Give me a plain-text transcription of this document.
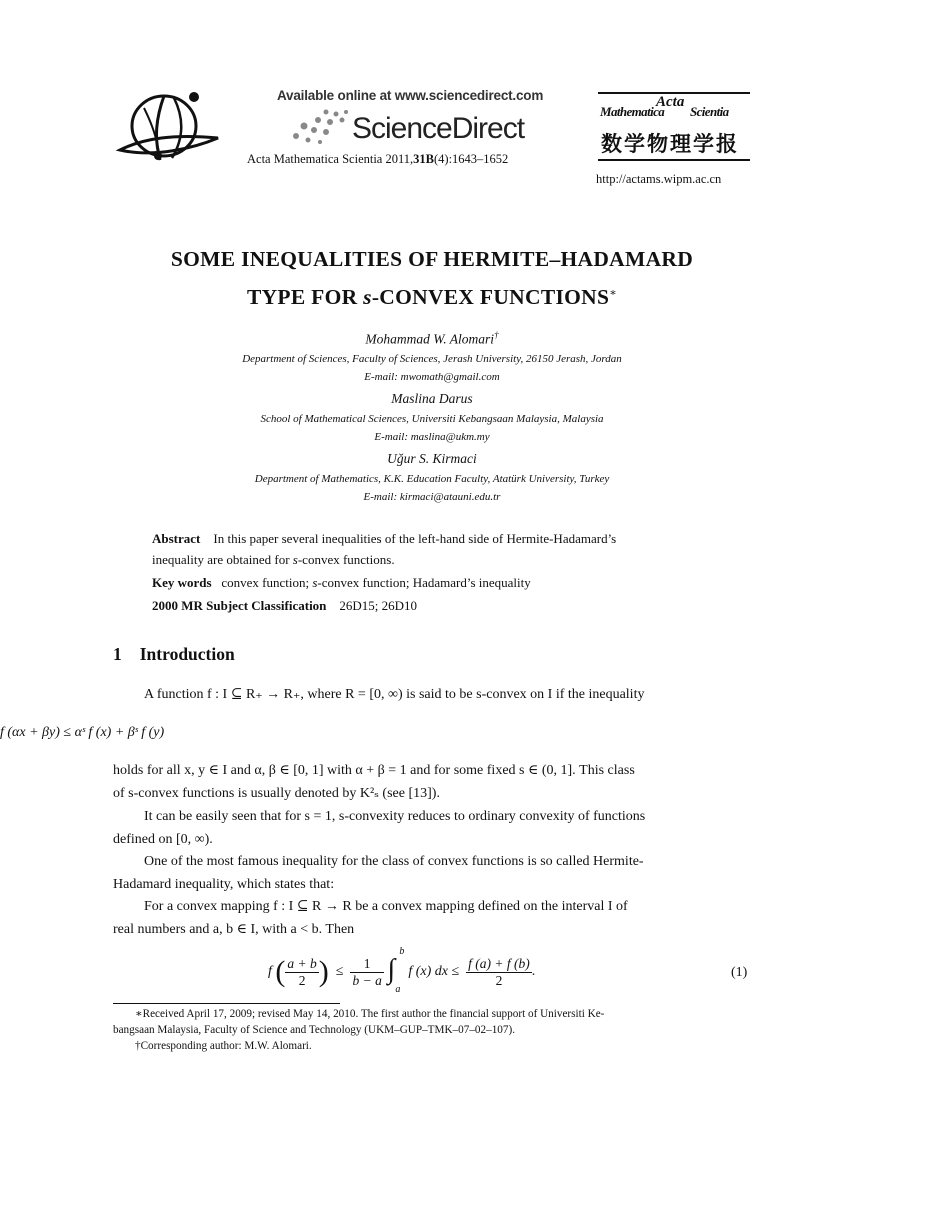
Available online at www.sciencedirect.com
ScienceDirect
Acta Mathematica Scientia 2011,31B(4):1643–1652
Acta
Mathematica Scientia
数学物理学报
http://actams.wipm.ac.cn
SOME INEQUALITIES OF HERMITE–HADAMARD
TYPE FOR s-CONVEX FUNCTIONS∗
Mohammad W. Alomari†
Department of Sciences, Faculty of Sciences, Jerash University, 26150 Jerash, Jordan
E-mail: mwomath@gmail.com
Maslina Darus
School of Mathematical Sciences, Universiti Kebangsaan Malaysia, Malaysia
E-mail: maslina@ukm.my
Uğur S. Kirmaci
Department of Mathematics, K.K. Education Faculty, Atatürk University, Turkey
E-mail: kirmaci@atauni.edu.tr
Abstract In this paper several inequalities of the left-hand side of Hermite-Hadamard’s
inequality are obtained for s-convex functions.
Key words convex function; s-convex function; Hadamard’s inequality
2000 MR Subject Classification 26D15; 26D10
1 Introduction
A function f : I ⊆ R₊ → R₊, where R = [0, ∞) is said to be s-convex on I if the inequality
f (αx + βy) ≤ αˢ f (x) + βˢ f (y)
holds for all x, y ∈ I and α, β ∈ [0, 1] with α + β = 1 and for some fixed s ∈ (0, 1]. This class
of s-convex functions is usually denoted by K²ₛ (see [13]).
It can be easily seen that for s = 1, s-convexity reduces to ordinary convexity of functions
defined on [0, ∞).
One of the most famous inequality for the class of convex functions is so called Hermite-
Hadamard inequality, which states that:
For a convex mapping f : I ⊆ R → R be a convex mapping defined on the interval I of
real numbers and a, b ∈ I, with a < b. Then
f ( $\frac{a + b}{2}$ )  ≤ $\frac{1}{b - a}$
∫
b
a
f (x) dx ≤ $\frac{f (a) + f (b)}{2}$ .	(1)
∗Received April 17, 2009; revised May 14, 2010. The first author the financial support of Universiti Ke-
bangsaan Malaysia, Faculty of Science and Technology (UKM–GUP–TMK–07–02–107).
†Corresponding author: M.W. Alomari.
